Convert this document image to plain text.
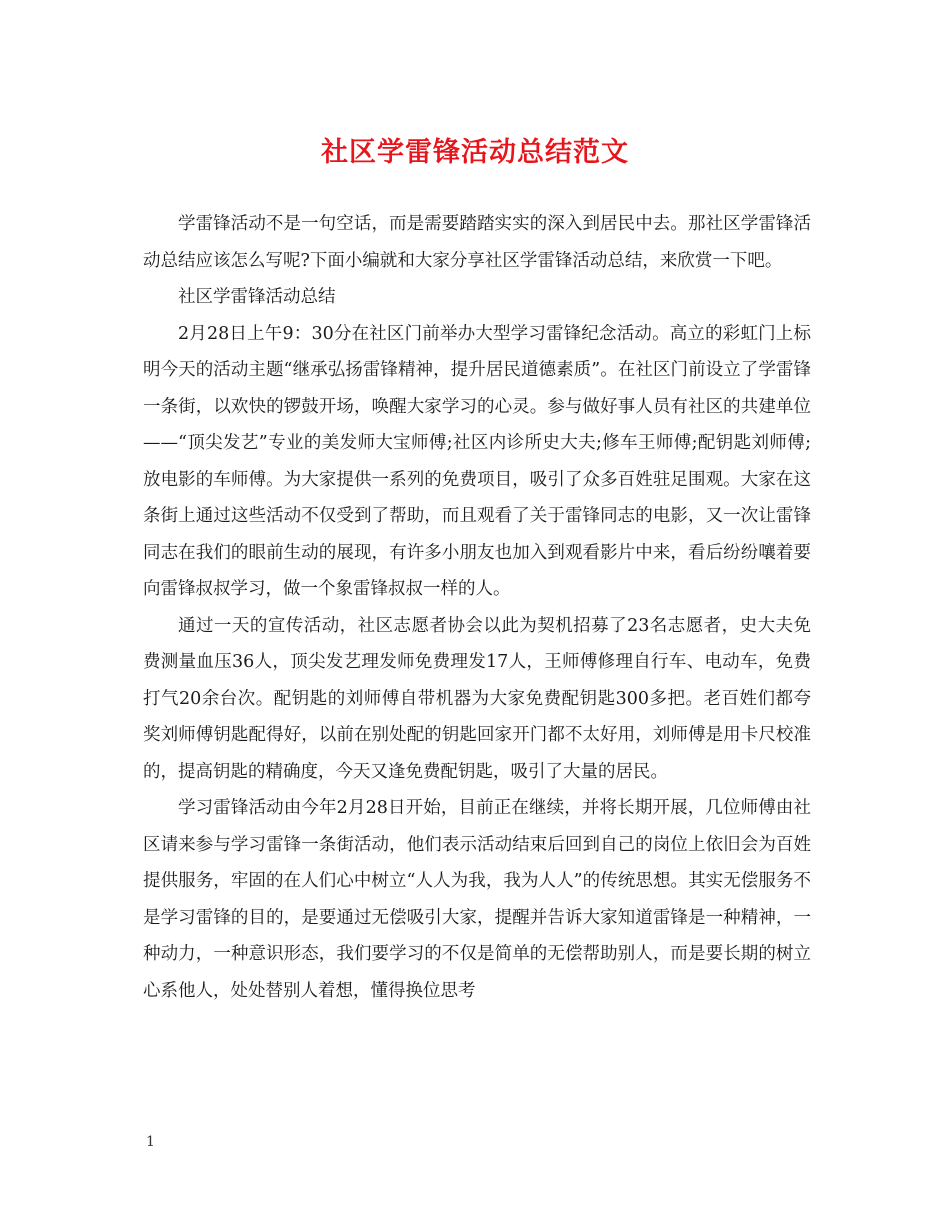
社区学雷锋活动总结范文

学雷锋活动不是一句空话，而是需要踏踏实实的深入到居民中去。那社区学雷锋活动总结应该怎么写呢?下面小编就和大家分享社区学雷锋活动总结，来欣赏一下吧。

社区学雷锋活动总结

2月28日上午9：30分在社区门前举办大型学习雷锋纪念活动。高立的彩虹门上标明今天的活动主题“继承弘扬雷锋精神，提升居民道德素质”。在社区门前设立了学雷锋一条街，以欢快的锣鼓开场，唤醒大家学习的心灵。参与做好事人员有社区的共建单位——“顶尖发艺”专业的美发师大宝师傅;社区内诊所史大夫;修车王师傅;配钥匙刘师傅;放电影的车师傅。为大家提供一系列的免费项目，吸引了众多百姓驻足围观。大家在这条街上通过这些活动不仅受到了帮助，而且观看了关于雷锋同志的电影，又一次让雷锋同志在我们的眼前生动的展现，有许多小朋友也加入到观看影片中来，看后纷纷嚷着要向雷锋叔叔学习，做一个象雷锋叔叔一样的人。

通过一天的宣传活动，社区志愿者协会以此为契机招募了23名志愿者，史大夫免费测量血压36人，顶尖发艺理发师免费理发17人，王师傅修理自行车、电动车，免费打气20余台次。配钥匙的刘师傅自带机器为大家免费配钥匙300多把。老百姓们都夸奖刘师傅钥匙配得好，以前在别处配的钥匙回家开门都不太好用，刘师傅是用卡尺校准的，提高钥匙的精确度，今天又逢免费配钥匙，吸引了大量的居民。

学习雷锋活动由今年2月28日开始，目前正在继续，并将长期开展，几位师傅由社区请来参与学习雷锋一条街活动，他们表示活动结束后回到自己的岗位上依旧会为百姓提供服务，牢固的在人们心中树立“人人为我，我为人人”的传统思想。其实无偿服务不是学习雷锋的目的，是要通过无偿吸引大家，提醒并告诉大家知道雷锋是一种精神，一种动力，一种意识形态，我们要学习的不仅是简单的无偿帮助别人，而是要长期的树立心系他人，处处替别人着想，懂得换位思考

1
